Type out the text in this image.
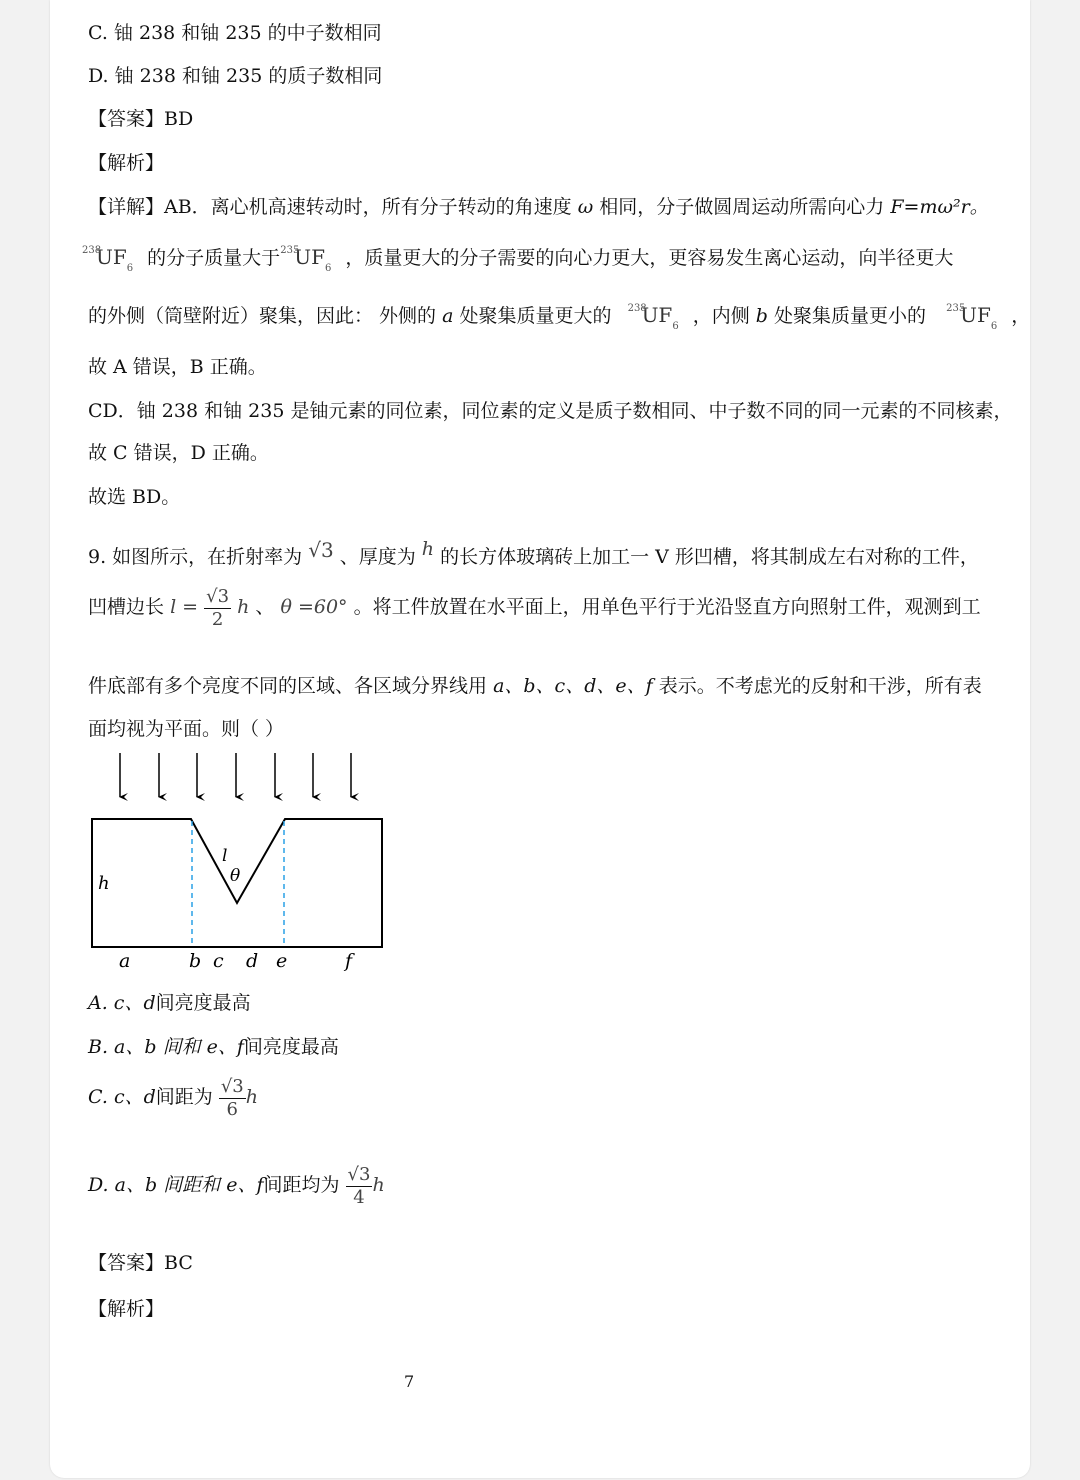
C. 铀 238 和铀 235 的中子数相同
D. 铀 238 和铀 235 的质子数相同
【答案】BD
【解析】
【详解】AB．离心机高速转动时，所有分子转动的角速度 ω 相同，分子做圆周运动所需向心力 F=mω²r。
238
$UF_6$ 的分子质量大于 235
$UF_6$ ，质量更大的分子需要的向心力更大，更容易发生离心运动，向半径更大
的外侧（筒壁附近）聚集，因此： 外侧的 a 处聚集质量更大的 238
$UF_6$ ，内侧 b 处聚集质量更小的 235
$UF_6$ ，
故 A 错误，B 正确。
CD．铀 238 和铀 235 是铀元素的同位素，同位素的定义是质子数相同、中子数不同的同一元素的不同核素，
故 C 错误，D 正确。
故选 BD。
9. 如图所示，在折射率为 √3 、厚度为 h 的长方体玻璃砖上加工一 V 形凹槽，将其制成左右对称的工件，
凹槽边长 $l = \frac{√3}{2}$ h 、 θ =60° 。将工件放置在水平面上，用单色平行于光沿竖直方向照射工件，观测到工
件底部有多个亮度不同的区域、各区域分界线用 a、b、c、d、e、f 表示。不考虑光的反射和干涉，所有表
面均视为平面。则（ ）
h
l
θ
a	b c d e	f
A. c、d间亮度最高
B. a、b 间和 e、f间亮度最高
C. c、d间距为 $\frac{√3}{6}$ h
D. a、b 间距和 e、f间距均为 $\frac{√3}{4}$ h
【答案】BC
【解析】
7
